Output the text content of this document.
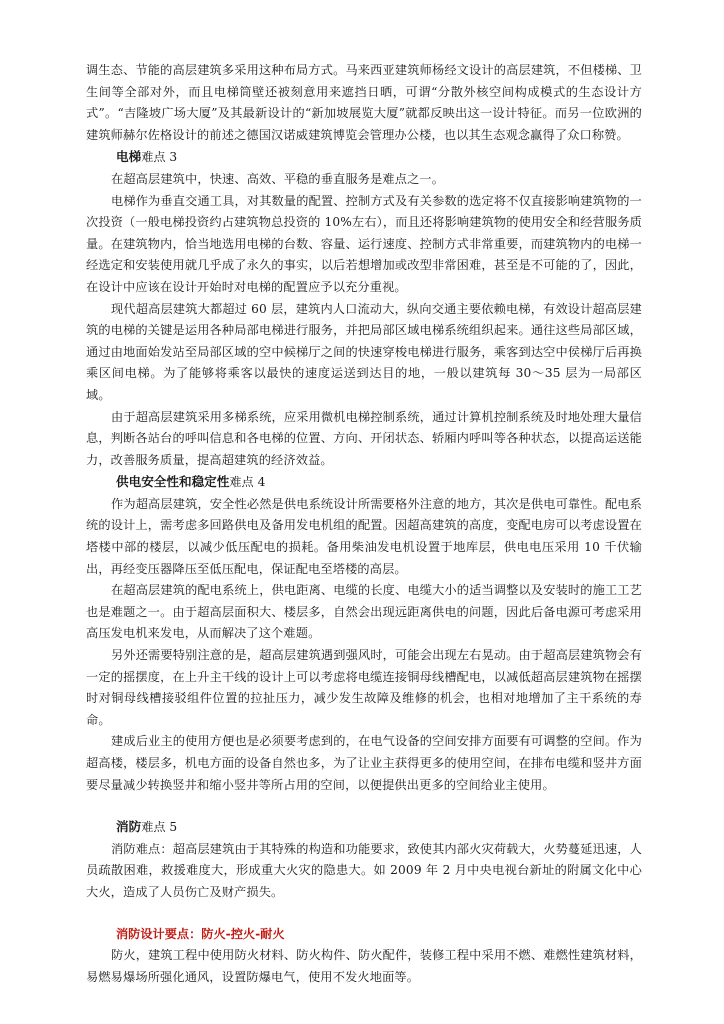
调生态、节能的高层建筑多采用这种布局方式。马来西亚建筑师杨经文设计的高层建筑，不但楼梯、卫生间等全部对外，而且电梯筒壁还被刻意用来遮挡日晒，可谓“分散外核空间构成模式的生态设计方式”。“吉隆坡广场大厦”及其最新设计的“新加坡展览大厦”就都反映出这一设计特征。而另一位欧洲的建筑师赫尔佐格设计的前述之德国汉诺威建筑博览会管理办公楼，也以其生态观念赢得了众口称赞。

电梯难点 3

在超高层建筑中，快速、高效、平稳的垂直服务是难点之一。

电梯作为垂直交通工具，对其数量的配置、控制方式及有关参数的选定将不仅直接影响建筑物的一次投资（一般电梯投资约占建筑物总投资的 10%左右），而且还将影响建筑物的使用安全和经营服务质量。在建筑物内，恰当地选用电梯的台数、容量、运行速度、控制方式非常重要，而建筑物内的电梯一经选定和安装使用就几乎成了永久的事实，以后若想增加或改型非常困难，甚至是不可能的了，因此，在设计中应该在设计开始时对电梯的配置应予以充分重视。

现代超高层建筑大都超过 60 层，建筑内人口流动大，纵向交通主要依赖电梯，有效设计超高层建筑的电梯的关键是运用各种局部电梯进行服务，并把局部区域电梯系统组织起来。通往这些局部区域，通过由地面始发站至局部区域的空中候梯厅之间的快速穿梭电梯进行服务，乘客到达空中侯梯厅后再换乘区间电梯。为了能够将乘客以最快的速度运送到达目的地，一般以建筑每 30～35 层为一局部区域。

由于超高层建筑采用多梯系统，应采用微机电梯控制系统，通过计算机控制系统及时地处理大量信息，判断各站台的呼叫信息和各电梯的位置、方向、开闭状态、轿厢内呼叫等各种状态，以提高运送能力，改善服务质量，提高超建筑的经济效益。

供电安全性和稳定性难点 4

作为超高层建筑，安全性必然是供电系统设计所需要格外注意的地方，其次是供电可靠性。配电系统的设计上，需考虑多回路供电及备用发电机组的配置。因超高建筑的高度，变配电房可以考虑设置在塔楼中部的楼层，以减少低压配电的损耗。备用柴油发电机设置于地库层，供电电压采用 10 千伏输出，再经变压器降压至低压配电，保证配电至塔楼的高层。

在超高层建筑的配电系统上，供电距离、电缆的长度、电缆大小的适当调整以及安装时的施工工艺也是难题之一。由于超高层面积大、楼层多，自然会出现远距离供电的问题，因此后备电源可考虑采用高压发电机来发电，从而解决了这个难题。

另外还需要特别注意的是，超高层建筑遇到强风时，可能会出现左右晃动。由于超高层建筑物会有一定的摇摆度，在上升主干线的设计上可以考虑将电缆连接铜母线槽配电，以减低超高层建筑物在摇摆时对铜母线槽接驳组件位置的拉扯压力，减少发生故障及维修的机会，也相对地增加了主干系统的寿命。

建成后业主的使用方便也是必须要考虑到的，在电气设备的空间安排方面要有可调整的空间。作为超高楼，楼层多，机电方面的设备自然也多，为了让业主获得更多的使用空间，在排布电缆和竖井方面要尽量减少转换竖井和缩小竖井等所占用的空间，以便提供出更多的空间给业主使用。

消防难点 5

消防难点：超高层建筑由于其特殊的构造和功能要求，致使其内部火灾荷载大，火势蔓延迅速，人员疏散困难，救援难度大，形成重大火灾的隐患大。如 2009 年 2 月中央电视台新址的附属文化中心大火，造成了人员伤亡及财产损失。

消防设计要点：防火-控火-耐火

防火，建筑工程中使用防火材料、防火构件、防火配件，装修工程中采用不燃、难燃性建筑材料，易燃易爆场所强化通风，设置防爆电气，使用不发火地面等。
